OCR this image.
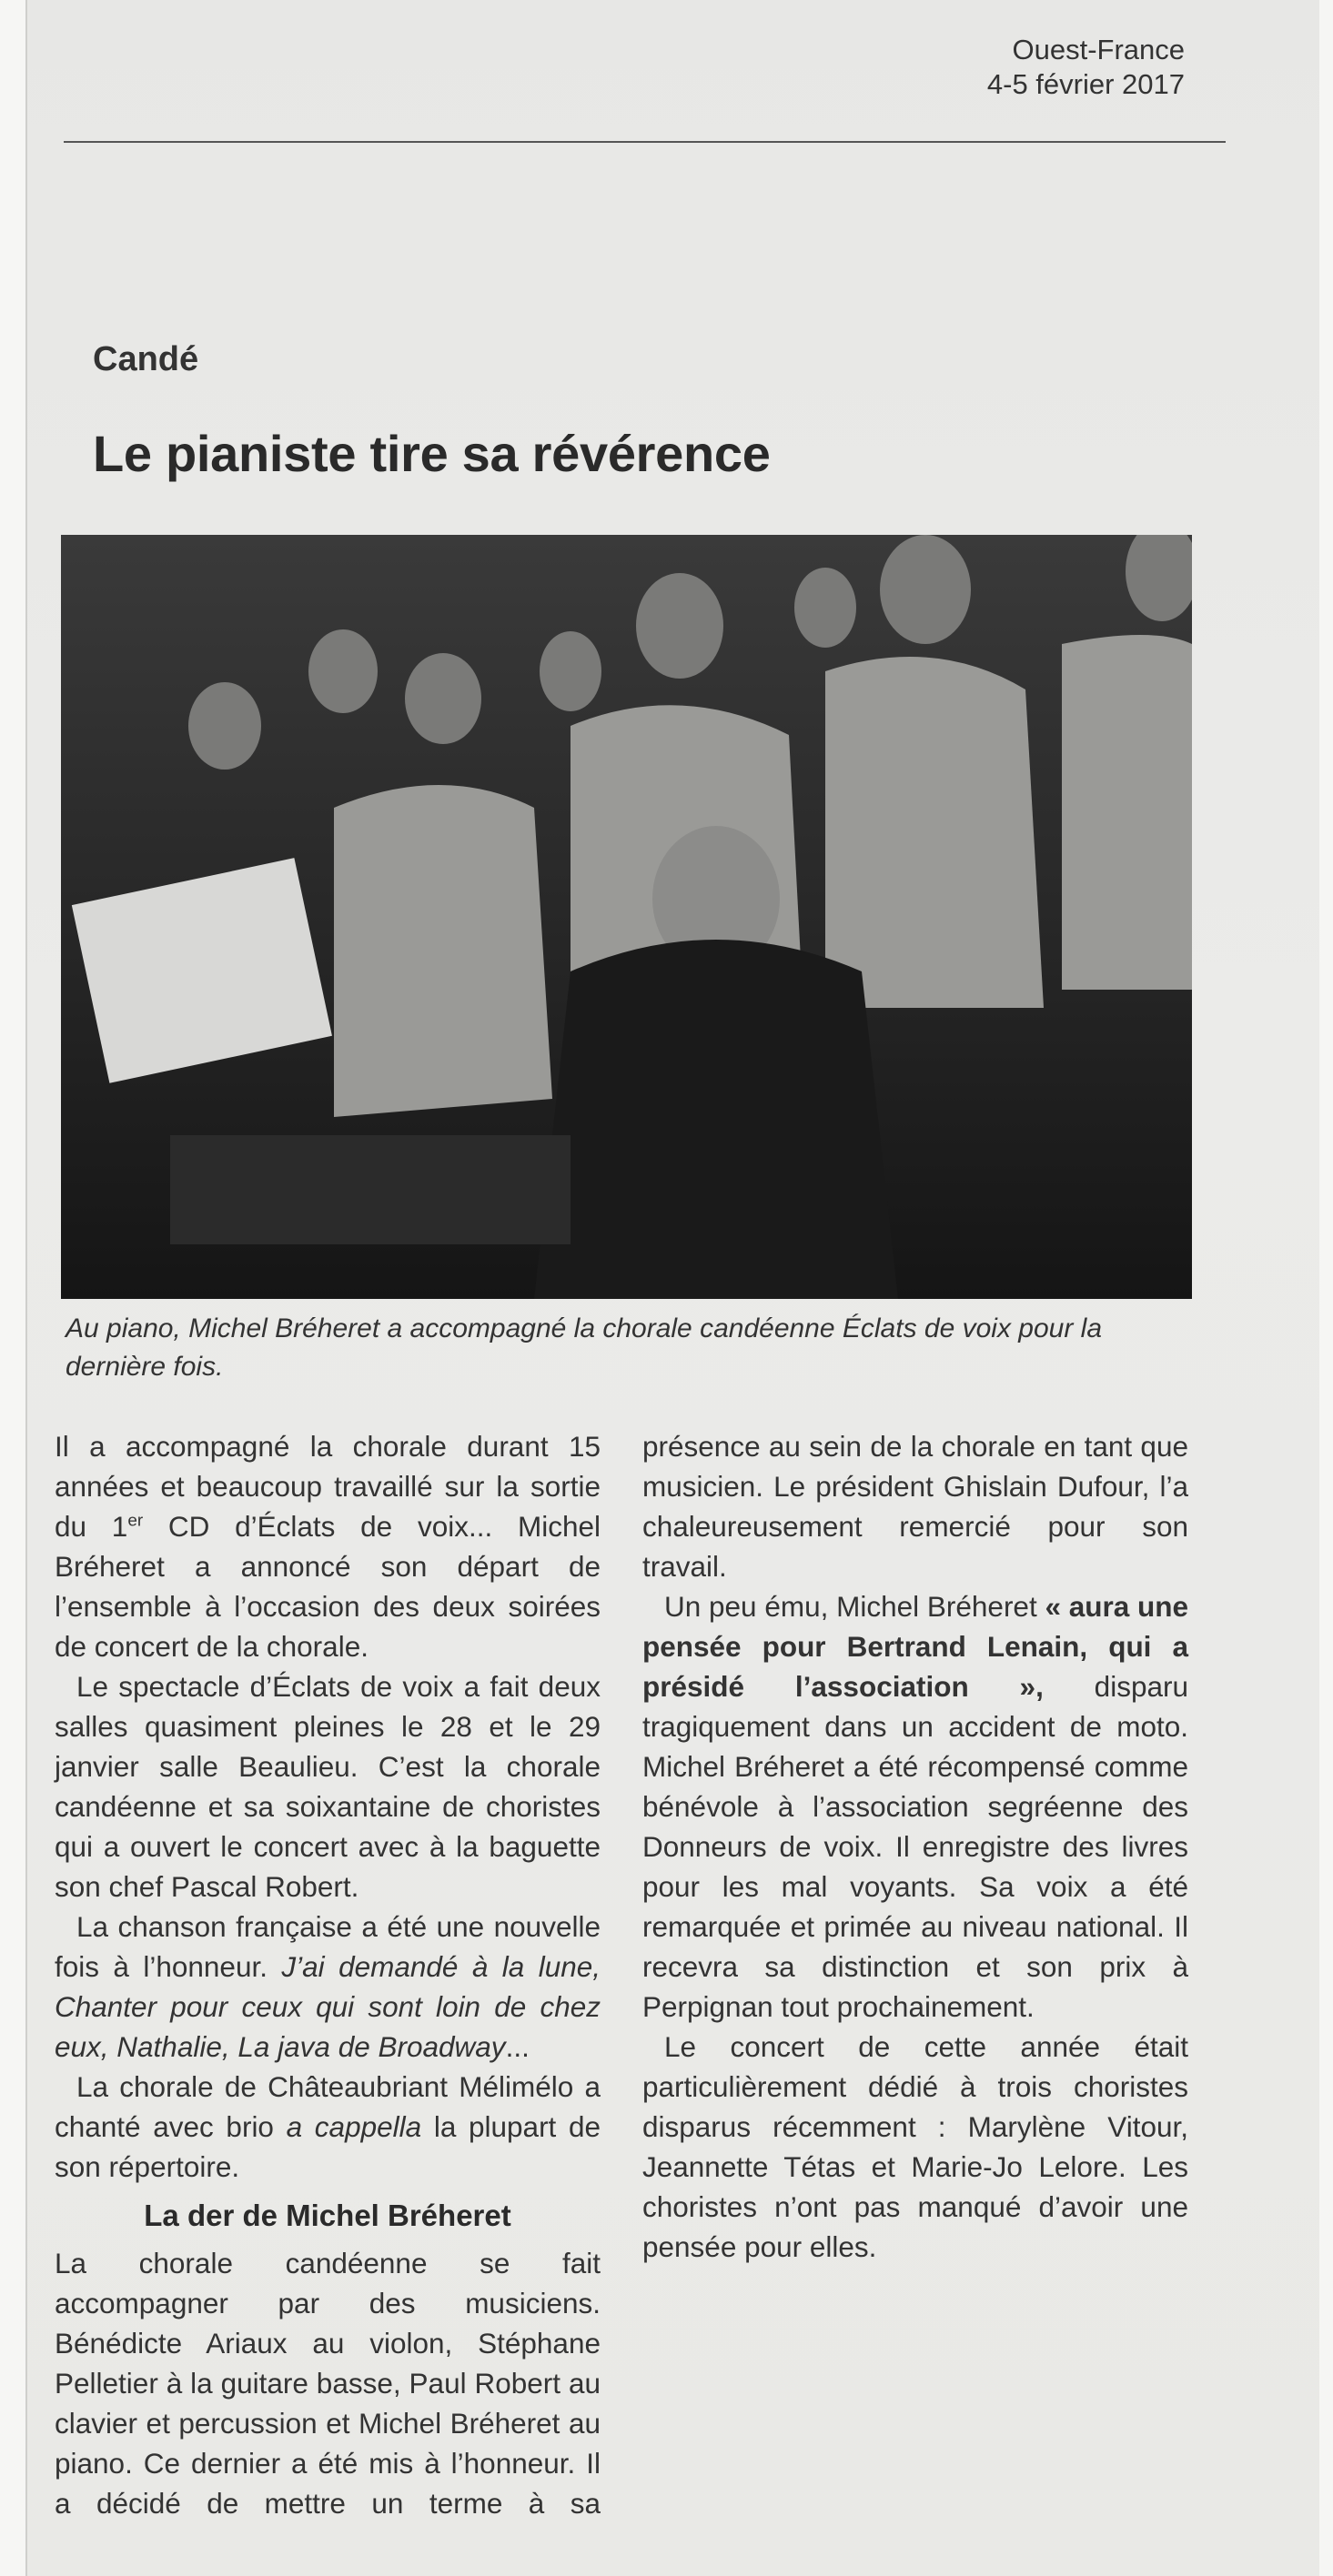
Ouest-France
4-5 février 2017
Candé
Le pianiste tire sa révérence
Au piano, Michel Bréheret a accompagné la chorale candéenne Éclats de voix pour la dernière fois.

Il a accompagné la chorale durant 15 années et beaucoup travaillé sur la sortie du 1er CD d’Éclats de voix... Michel Bréheret a annoncé son départ de l’ensemble à l’occasion des deux soirées de concert de la chorale.

Le spectacle d’Éclats de voix a fait deux salles quasiment pleines le 28 et le 29 janvier salle Beaulieu. C’est la chorale candéenne et sa soixantaine de choristes qui a ouvert le concert avec à la baguette son chef Pascal Robert.

La chanson française a été une nouvelle fois à l’honneur. J’ai demandé à la lune, Chanter pour ceux qui sont loin de chez eux, Nathalie, La java de Broadway...

La chorale de Châteaubriant Mélimélo a chanté avec brio a cappella la plupart de son répertoire.

La der de Michel Bréheret

La chorale candéenne se fait accompagner par des musiciens. Bénédicte Ariaux au violon, Stéphane Pelletier à la guitare basse, Paul Robert au clavier et percussion et Michel Bréheret au piano. Ce dernier a été mis à l’honneur. Il a décidé de mettre un terme à sa présence au sein de la chorale en tant que musicien. Le président Ghislain Dufour, l’a chaleureusement remercié pour son travail.

Un peu ému, Michel Bréheret « aura une pensée pour Bertrand Lenain, qui a présidé l’association », disparu tragiquement dans un accident de moto. Michel Bréheret a été récompensé comme bénévole à l’association segréenne des Donneurs de voix. Il enregistre des livres pour les mal voyants. Sa voix a été remarquée et primée au niveau national. Il recevra sa distinction et son prix à Perpignan tout prochainement.

Le concert de cette année était particulièrement dédié à trois choristes disparus récemment : Marylène Vitour, Jeannette Tétas et Marie-Jo Lelore. Les choristes n’ont pas manqué d’avoir une pensée pour elles.
